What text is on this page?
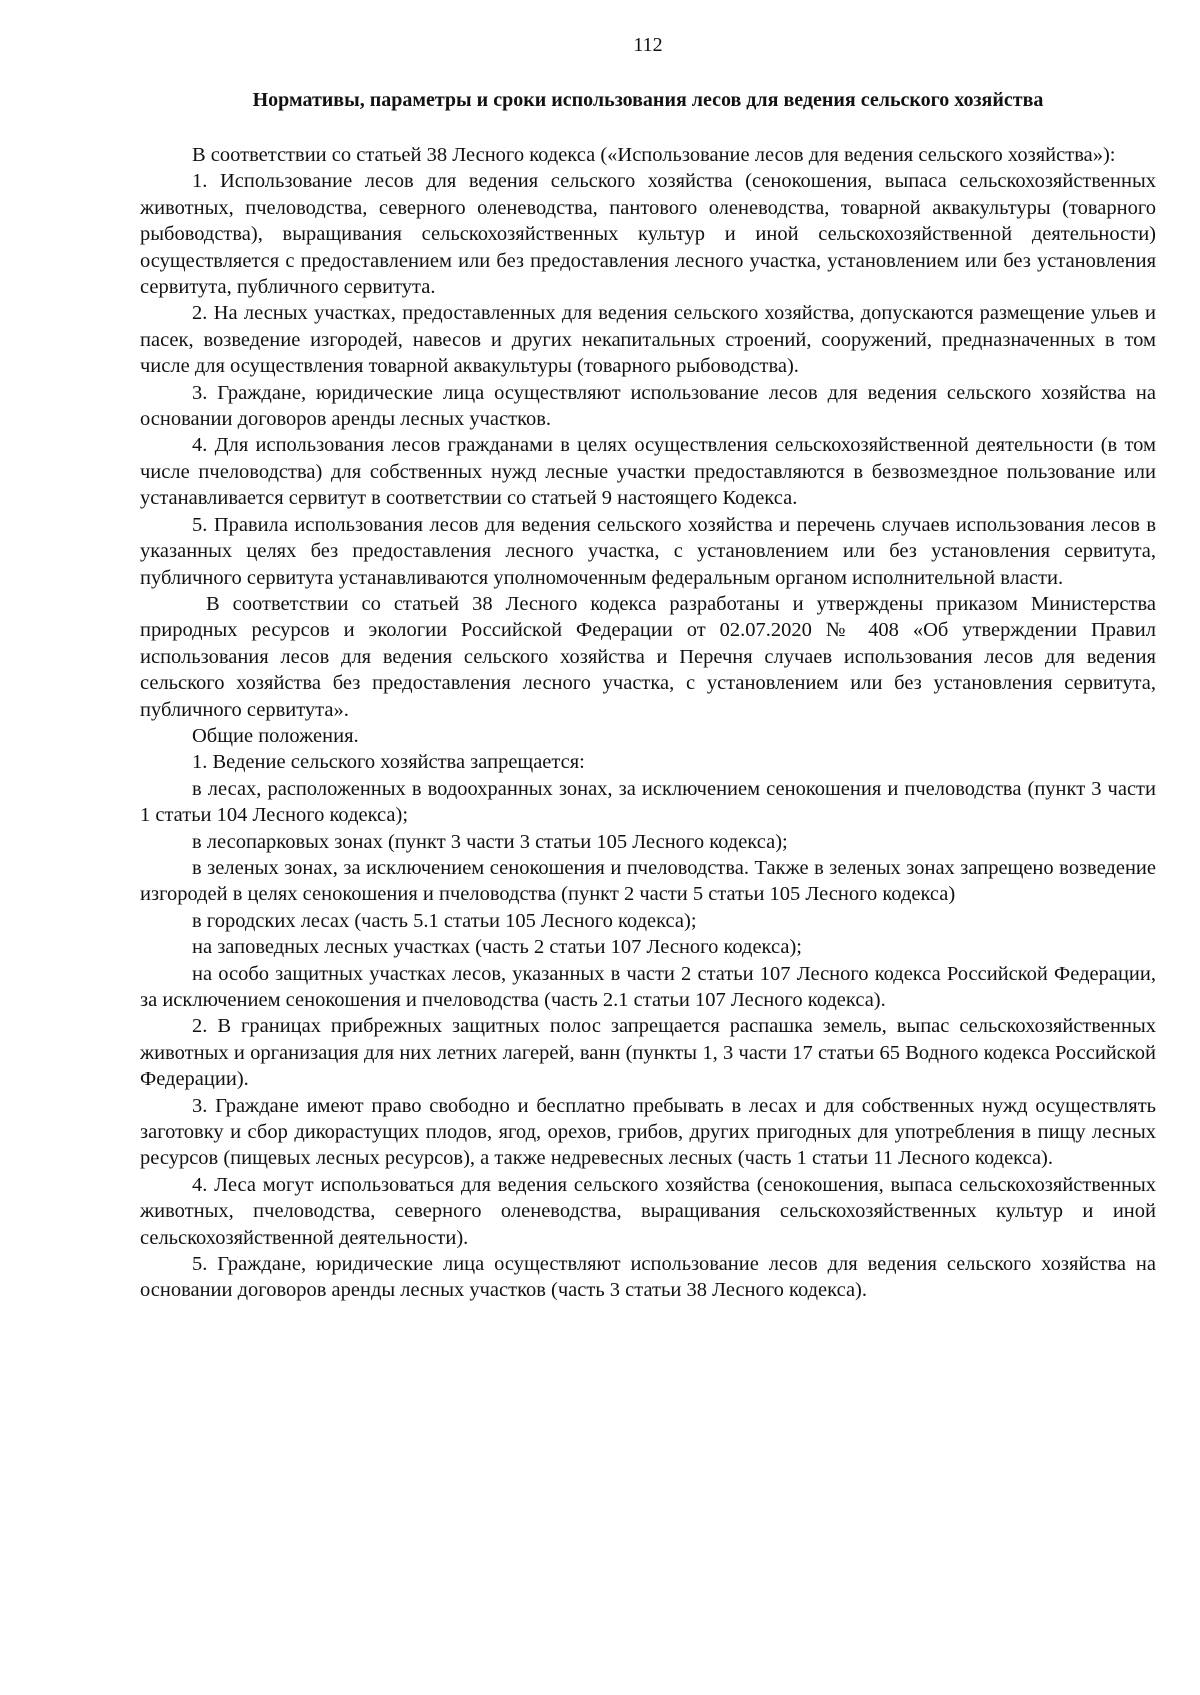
112
Нормативы, параметры и сроки использования лесов для ведения сельского хозяйства

В соответствии со статьей 38 Лесного кодекса («Использование лесов для ведения сельского хозяйства»):

1. Использование лесов для ведения сельского хозяйства (сенокошения, выпаса сельскохозяйственных животных, пчеловодства, северного оленеводства, пантового оленеводства, товарной аквакультуры (товарного рыбоводства), выращивания сельскохозяйственных культур и иной сельскохозяйственной деятельности) осуществляется с предоставлением или без предоставления лесного участка, установлением или без установления сервитута, публичного сервитута.

2. На лесных участках, предоставленных для ведения сельского хозяйства, допускаются размещение ульев и пасек, возведение изгородей, навесов и других некапитальных строений, сооружений, предназначенных в том числе для осуществления товарной аквакультуры (товарного рыбоводства).

3. Граждане, юридические лица осуществляют использование лесов для ведения сельского хозяйства на основании договоров аренды лесных участков.

4. Для использования лесов гражданами в целях осуществления сельскохозяйственной деятельности (в том числе пчеловодства) для собственных нужд лесные участки предоставляются в безвозмездное пользование или устанавливается сервитут в соответствии со статьей 9 настоящего Кодекса.

5. Правила использования лесов для ведения сельского хозяйства и перечень случаев использования лесов в указанных целях без предоставления лесного участка, с установлением или без установления сервитута, публичного сервитута устанавливаются уполномоченным федеральным органом исполнительной власти.

В соответствии со статьей 38 Лесного кодекса разработаны и утверждены приказом Министерства природных ресурсов и экологии Российской Федерации от 02.07.2020 № 408 «Об утверждении Правил использования лесов для ведения сельского хозяйства и Перечня случаев использования лесов для ведения сельского хозяйства без предоставления лесного участка, с установлением или без установления сервитута, публичного сервитута».

Общие положения.

1. Ведение сельского хозяйства запрещается:

в лесах, расположенных в водоохранных зонах, за исключением сенокошения и пчеловодства (пункт 3 части 1 статьи 104 Лесного кодекса);

в лесопарковых зонах (пункт 3 части 3 статьи 105 Лесного кодекса);

в зеленых зонах, за исключением сенокошения и пчеловодства. Также в зеленых зонах запрещено возведение изгородей в целях сенокошения и пчеловодства (пункт 2 части 5 статьи 105 Лесного кодекса)

в городских лесах (часть 5.1 статьи 105 Лесного кодекса);

на заповедных лесных участках (часть 2 статьи 107 Лесного кодекса);

на особо защитных участках лесов, указанных в части 2 статьи 107 Лесного кодекса Российской Федерации, за исключением сенокошения и пчеловодства (часть 2.1 статьи 107 Лесного кодекса).

2. В границах прибрежных защитных полос запрещается распашка земель, выпас сельскохозяйственных животных и организация для них летних лагерей, ванн (пункты 1, 3 части 17 статьи 65 Водного кодекса Российской Федерации).

3. Граждане имеют право свободно и бесплатно пребывать в лесах и для собственных нужд осуществлять заготовку и сбор дикорастущих плодов, ягод, орехов, грибов, других пригодных для употребления в пищу лесных ресурсов (пищевых лесных ресурсов), а также недревесных лесных (часть 1 статьи 11 Лесного кодекса).

4. Леса могут использоваться для ведения сельского хозяйства (сенокошения, выпаса сельскохозяйственных животных, пчеловодства, северного оленеводства, выращивания сельскохозяйственных культур и иной сельскохозяйственной деятельности).

5. Граждане, юридические лица осуществляют использование лесов для ведения сельского хозяйства на основании договоров аренды лесных участков (часть 3 статьи 38 Лесного кодекса).
